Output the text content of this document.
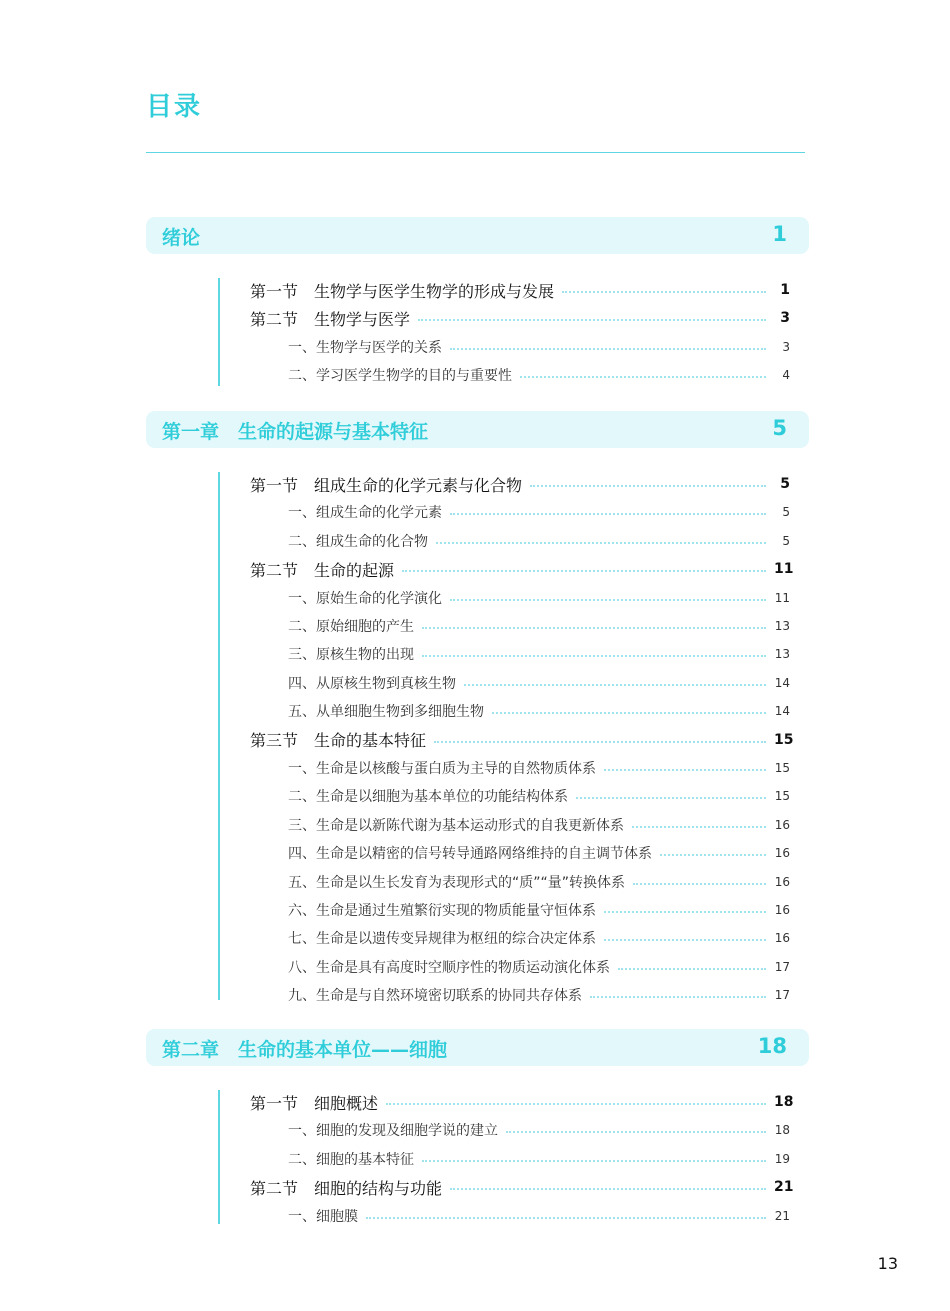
目录
绪论	1
第一节　生物学与医学生物学的形成与发展	1
第二节　生物学与医学	3
一、生物学与医学的关系	3
二、学习医学生物学的目的与重要性	4
第一章　生命的起源与基本特征	5
第一节　组成生命的化学元素与化合物	5
一、组成生命的化学元素	5
二、组成生命的化合物	5
第二节　生命的起源	11
一、原始生命的化学演化	11
二、原始细胞的产生	13
三、原核生物的出现	13
四、从原核生物到真核生物	14
五、从单细胞生物到多细胞生物	14
第三节　生命的基本特征	15
一、生命是以核酸与蛋白质为主导的自然物质体系	15
二、生命是以细胞为基本单位的功能结构体系	15
三、生命是以新陈代谢为基本运动形式的自我更新体系	16
四、生命是以精密的信号转导通路网络维持的自主调节体系	16
五、生命是以生长发育为表现形式的“质”“量”转换体系	16
六、生命是通过生殖繁衍实现的物质能量守恒体系	16
七、生命是以遗传变异规律为枢纽的综合决定体系	16
八、生命是具有高度时空顺序性的物质运动演化体系	17
九、生命是与自然环境密切联系的协同共存体系	17
第二章　生命的基本单位——细胞	18
第一节　细胞概述	18
一、细胞的发现及细胞学说的建立	18
二、细胞的基本特征	19
第二节　细胞的结构与功能	21
一、细胞膜	21
13
